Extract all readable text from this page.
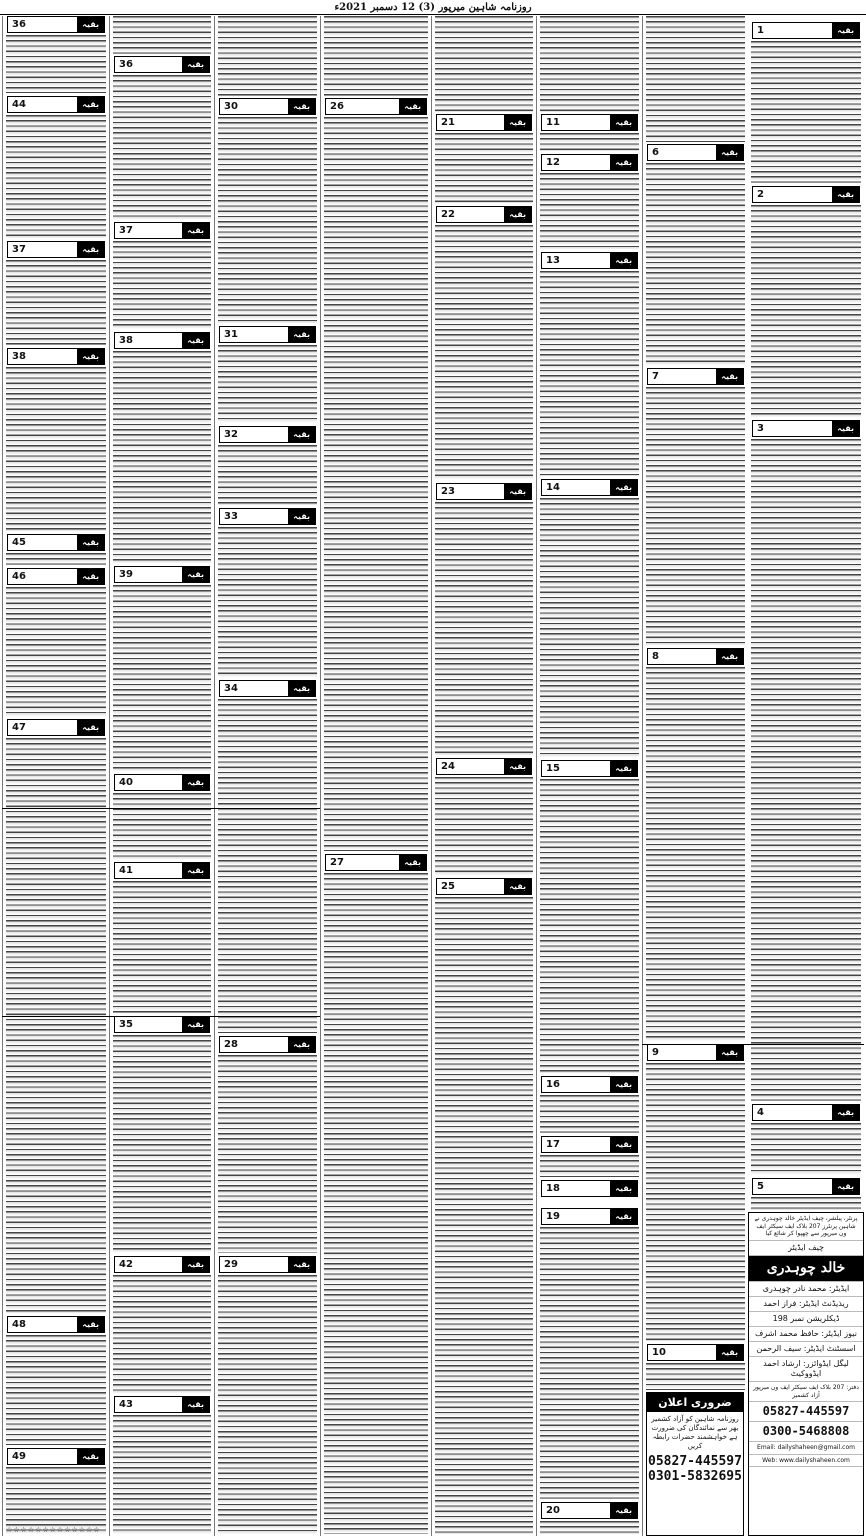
روزنامہ شاہین میرپور (3) 12 دسمبر 2021ء
36	بقیہ
44	بقیہ
37	بقیہ
38	بقیہ
45	بقیہ
46	بقیہ
47	بقیہ
48	بقیہ
49	بقیہ
36	بقیہ
37	بقیہ
38	بقیہ
39	بقیہ
40	بقیہ
41	بقیہ
35	بقیہ
42	بقیہ
43	بقیہ
30	بقیہ
31	بقیہ
32	بقیہ
33	بقیہ
34	بقیہ
28	بقیہ
29	بقیہ
26	بقیہ
27	بقیہ
21	بقیہ
22	بقیہ
23	بقیہ
24	بقیہ
25	بقیہ
11	بقیہ
12	بقیہ
13	بقیہ
14	بقیہ
15	بقیہ
16	بقیہ
17	بقیہ
18	بقیہ
19	بقیہ
20	بقیہ
6	بقیہ
7	بقیہ
8	بقیہ
9	بقیہ
10	بقیہ
1	بقیہ
2	بقیہ
3	بقیہ
4	بقیہ
5	بقیہ
پرنٹر، پبلشر، چیف ایڈیٹر خالد چوہدری نے شاہین پرنٹرز 207 بلاک ایف سیکٹر ایف ون میرپور سے چھپوا کر شائع کیا
چیف ایڈیٹر
خالد چوہدری
ایڈیٹر: محمد نادر چوہدری
ریذیڈنٹ ایڈیٹر: فراز احمد
ڈیکلریشن نمبر 198
نیوز ایڈیٹر: حافظ محمد اشرف
اسسٹنٹ ایڈیٹر: سیف الرحمن
لیگل ایڈوائزر: ارشاد احمد ایڈووکیٹ
دفتر: 207 بلاک ایف سیکٹر ایف ون میرپور آزاد کشمیر
05827-445597
0300-5468808
Email: dailyshaheen@gmail.com
Web: www.dailyshaheen.com
ضروری اعلان
روزنامہ شاہین کو آزاد کشمیر بھر سے نمائندگان کی ضرورت ہے خواہشمند حضرات رابطہ کریں
05827-445597
0301-5832695
☆☆☆☆☆☆☆☆☆☆☆☆☆
